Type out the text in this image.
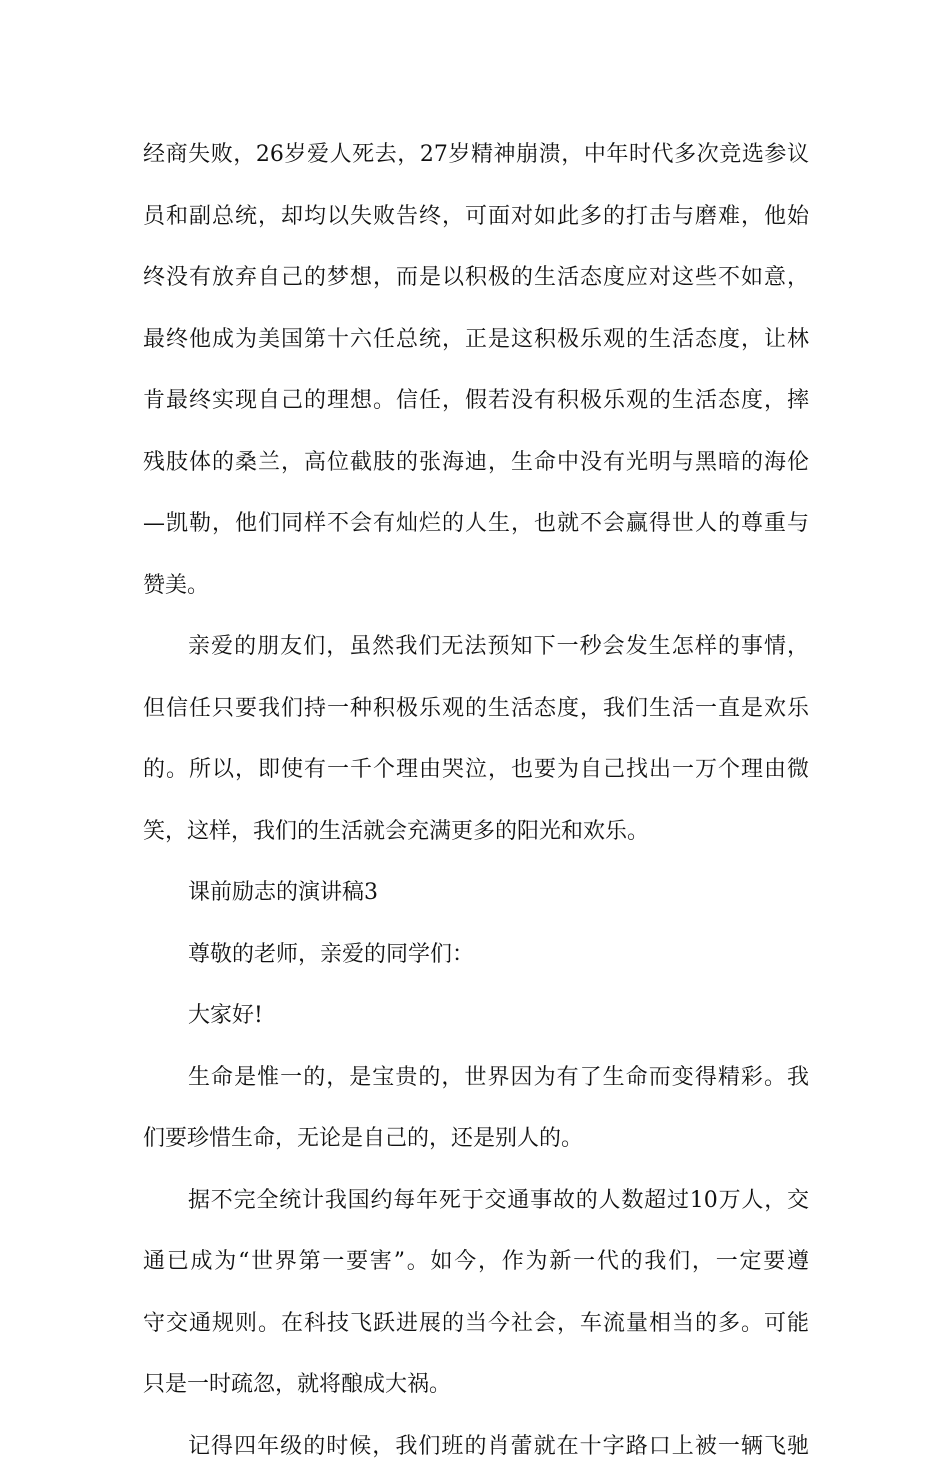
经商失败，26岁爱人死去，27岁精神崩溃，中年时代多次竞选参议
员和副总统，却均以失败告终，可面对如此多的打击与磨难，他始
终没有放弃自己的梦想，而是以积极的生活态度应对这些不如意，
最终他成为美国第十六任总统，正是这积极乐观的生活态度，让林
肯最终实现自己的理想。信任，假若没有积极乐观的生活态度，摔
残肢体的桑兰，高位截肢的张海迪，生命中没有光明与黑暗的海伦
—凯勒，他们同样不会有灿烂的人生，也就不会赢得世人的尊重与
赞美。
亲爱的朋友们，虽然我们无法预知下一秒会发生怎样的事情，
但信任只要我们持一种积极乐观的生活态度，我们生活一直是欢乐
的。所以，即使有一千个理由哭泣，也要为自己找出一万个理由微
笑，这样，我们的生活就会充满更多的阳光和欢乐。
课前励志的演讲稿3
尊敬的老师，亲爱的同学们：
大家好!
生命是惟一的，是宝贵的，世界因为有了生命而变得精彩。我
们要珍惜生命，无论是自己的，还是别人的。
据不完全统计我国约每年死于交通事故的人数超过10万人，交
通已成为“世界第一要害”。如今，作为新一代的我们，一定要遵
守交通规则。在科技飞跃进展的当今社会，车流量相当的多。可能
只是一时疏忽，就将酿成大祸。
记得四年级的时候，我们班的肖蕾就在十字路口上被一辆飞驰
